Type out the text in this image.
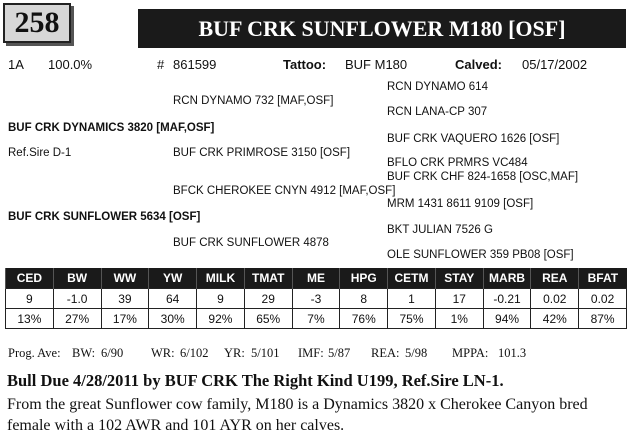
258	BUF CRK SUNFLOWER M180 [OSF]
1A 100.0%	# 861599	Tattoo: BUF M180	Calved: 05/17/2002
RCN DYNAMO 614
RCN DYNAMO 732 [MAF,OSF]
RCN LANA-CP 307
BUF CRK DYNAMICS 3820 [MAF,OSF]
BUF CRK VAQUERO 1626 [OSF]
Ref.Sire D-1	BUF CRK PRIMROSE 3150 [OSF]
BFLO CRK PRMRS VC484
BUF CRK CHF 824-1658 [OSC,MAF]
BFCK CHEROKEE CNYN 4912 [MAF,OSF]
MRM 1431 8611 9109 [OSF]
BUF CRK SUNFLOWER 5634 [OSF]
BKT JULIAN 7526 G
BUF CRK SUNFLOWER 4878
OLE SUNFLOWER 359 PB08 [OSF]
CED	BW	WW	YW	MILK	TMAT	ME	HPG	CETM	STAY	MARB	REA	BFAT
9	-1.0	39	64	9	29	-3	8	1	17	-0.21	0.02	0.02
13%	27%	17%	30%	92%	65%	7%	76%	75%	1%	94%	42%	87%
Prog. Ave: BW: 6/90 WR: 6/102 YR: 5/101 IMF: 5/87 REA: 5/98 MPPA: 101.3
Bull Due 4/28/2011 by BUF CRK The Right Kind U199, Ref.Sire LN-1.
From the great Sunflower cow family, M180 is a Dynamics 3820 x Cherokee Canyon bred female with a 102 AWR and 101 AYR on her calves.
